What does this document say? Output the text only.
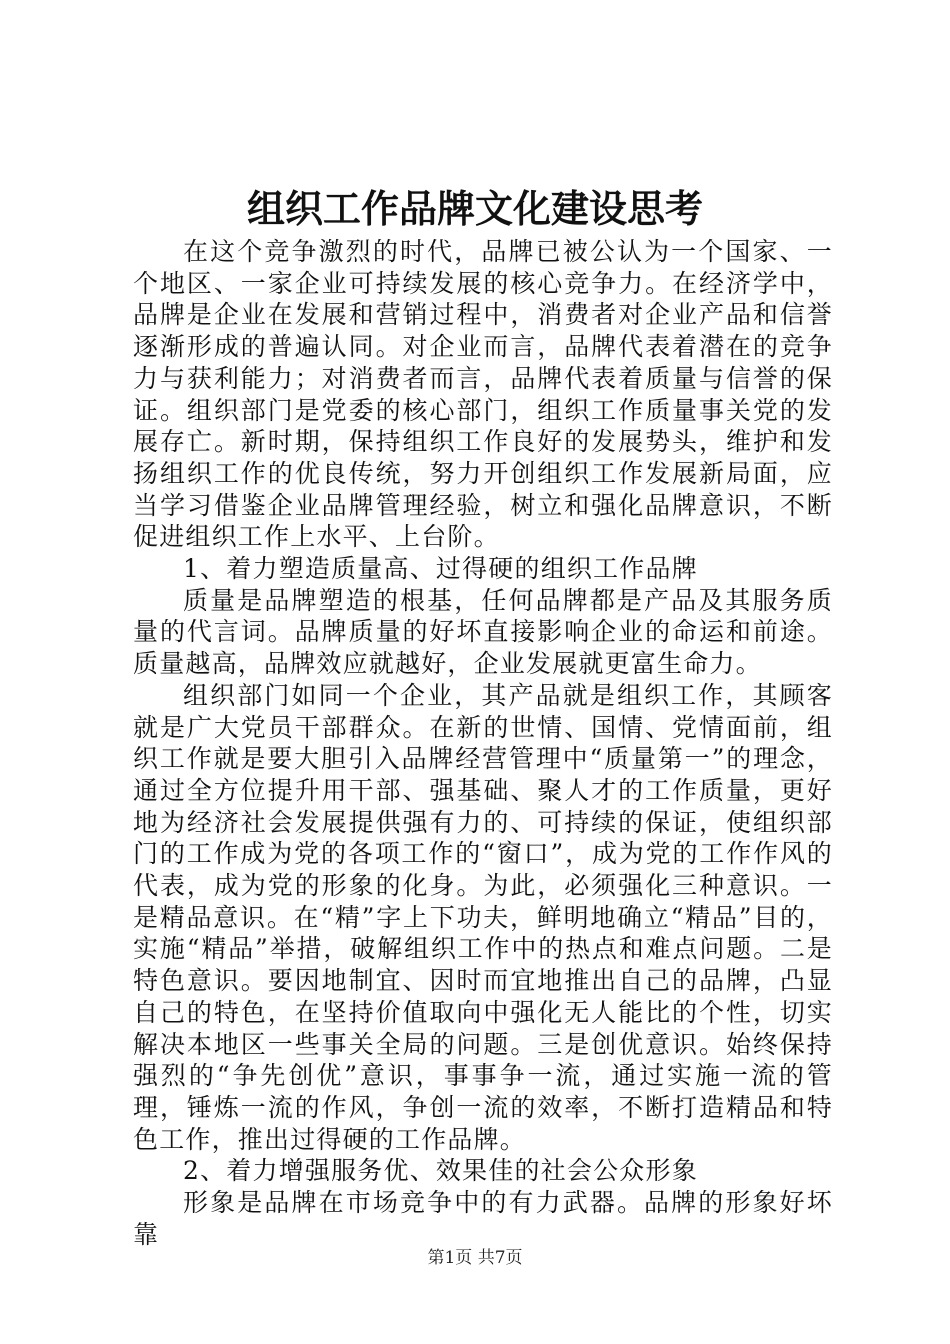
组织工作品牌文化建设思考

在这个竞争激烈的时代，品牌已被公认为一个国家、一个地区、一家企业可持续发展的核心竞争力。在经济学中，品牌是企业在发展和营销过程中，消费者对企业产品和信誉逐渐形成的普遍认同。对企业而言，品牌代表着潜在的竞争力与获利能力；对消费者而言，品牌代表着质量与信誉的保证。组织部门是党委的核心部门，组织工作质量事关党的发展存亡。新时期，保持组织工作良好的发展势头，维护和发扬组织工作的优良传统，努力开创组织工作发展新局面，应当学习借鉴企业品牌管理经验，树立和强化品牌意识，不断促进组织工作上水平、上台阶。

1、着力塑造质量高、过得硬的组织工作品牌

质量是品牌塑造的根基，任何品牌都是产品及其服务质量的代言词。品牌质量的好坏直接影响企业的命运和前途。质量越高，品牌效应就越好，企业发展就更富生命力。

组织部门如同一个企业，其产品就是组织工作，其顾客就是广大党员干部群众。在新的世情、国情、党情面前，组织工作就是要大胆引入品牌经营管理中“质量第一”的理念，通过全方位提升用干部、强基础、聚人才的工作质量，更好地为经济社会发展提供强有力的、可持续的保证，使组织部门的工作成为党的各项工作的“窗口”，成为党的工作作风的代表，成为党的形象的化身。为此，必须强化三种意识。一是精品意识。在“精”字上下功夫，鲜明地确立“精品”目的，实施“精品”举措，破解组织工作中的热点和难点问题。二是特色意识。要因地制宜、因时而宜地推出自己的品牌，凸显自己的特色，在坚持价值取向中强化无人能比的个性，切实解决本地区一些事关全局的问题。三是创优意识。始终保持强烈的“争先创优”意识，事事争一流，通过实施一流的管理，锤炼一流的作风，争创一流的效率，不断打造精品和特色工作，推出过得硬的工作品牌。

2、着力增强服务优、效果佳的社会公众形象

形象是品牌在市场竞争中的有力武器。品牌的形象好坏靠

第1页 共7页
